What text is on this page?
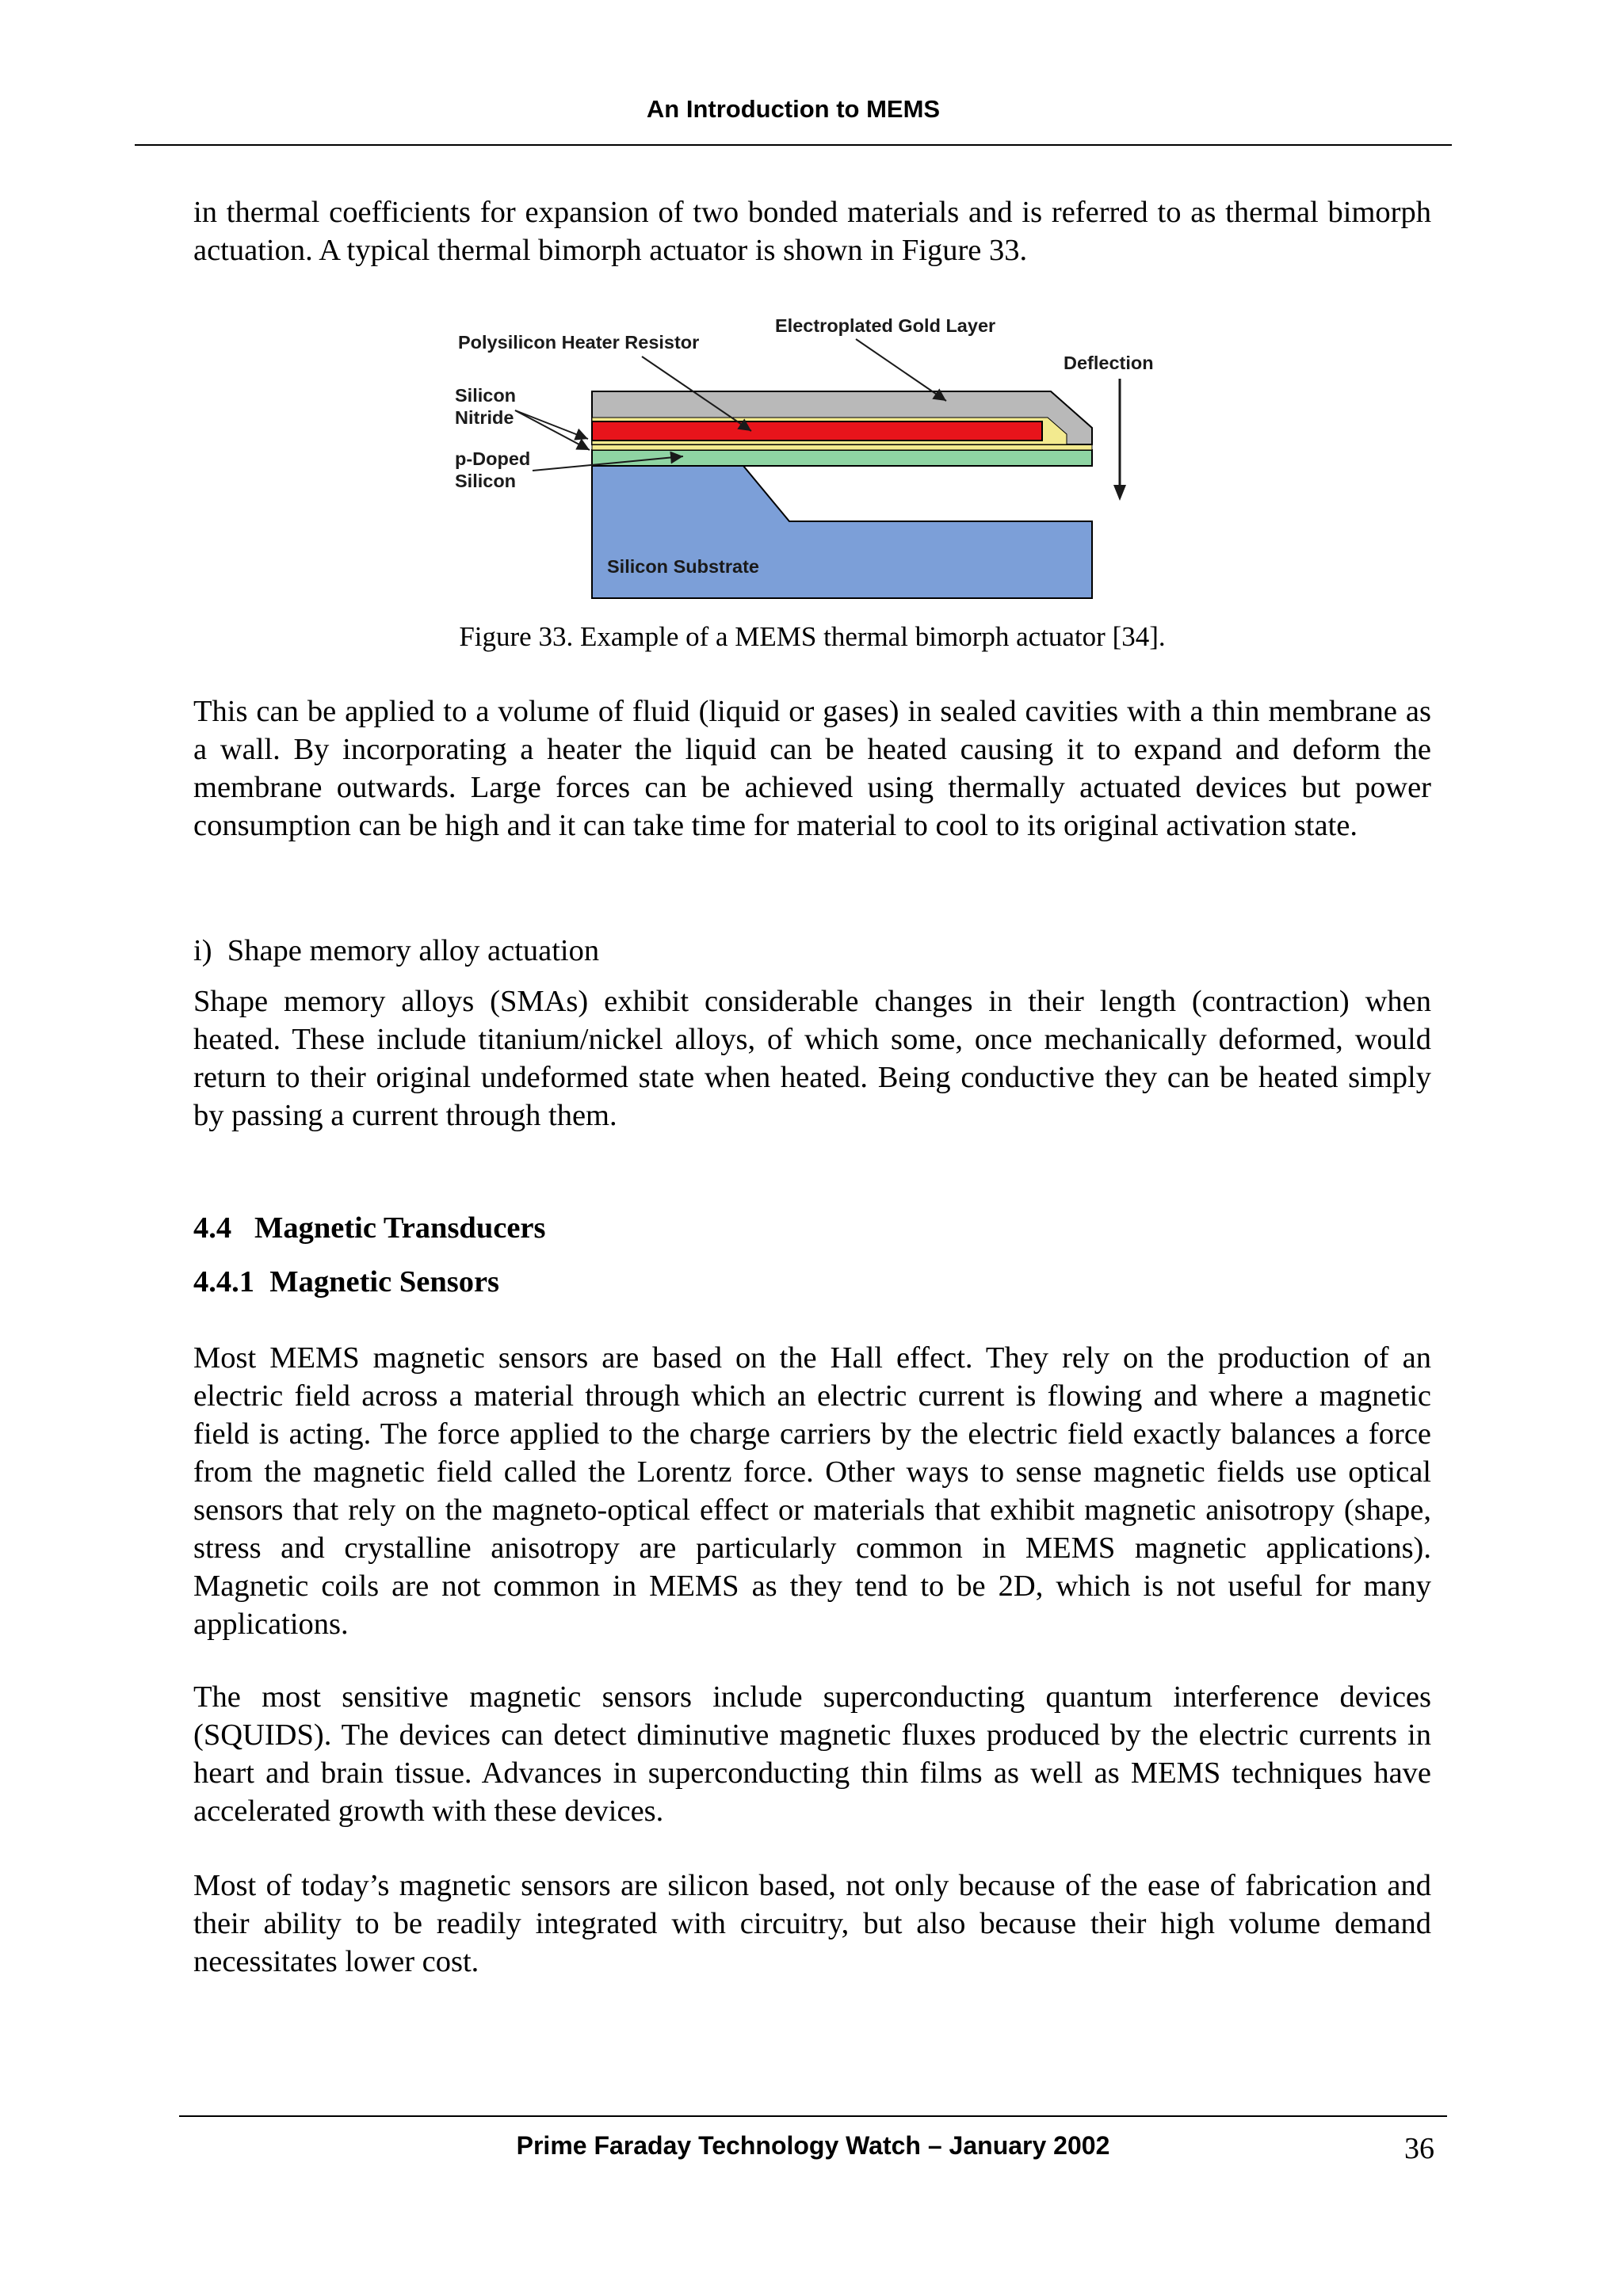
An Introduction to MEMS

in thermal coefficients for expansion of two bonded materials and is referred to as thermal bimorph actuation. A typical thermal bimorph actuator is shown in Figure 33.

Polysilicon Heater Resistor
Electroplated Gold Layer
Deflection
Silicon
Nitride
p-Doped
Silicon
Silicon Substrate
Figure 33. Example of a MEMS thermal bimorph actuator [34].

This can be applied to a volume of fluid (liquid or gases) in sealed cavities with a thin membrane as a wall. By incorporating a heater the liquid can be heated causing it to expand and deform the membrane outwards. Large forces can be achieved using thermally actuated devices but power consumption can be high and it can take time for material to cool to its original activation state.

i) Shape memory alloy actuation

Shape memory alloys (SMAs) exhibit considerable changes in their length (contraction) when heated. These include titanium/nickel alloys, of which some, once mechanically deformed, would return to their original undeformed state when heated. Being conductive they can be heated simply by passing a current through them.

4.4 Magnetic Transducers
4.4.1 Magnetic Sensors

Most MEMS magnetic sensors are based on the Hall effect. They rely on the production of an electric field across a material through which an electric current is flowing and where a magnetic field is acting. The force applied to the charge carriers by the electric field exactly balances a force from the magnetic field called the Lorentz force. Other ways to sense magnetic fields use optical sensors that rely on the magneto-optical effect or materials that exhibit magnetic anisotropy (shape, stress and crystalline anisotropy are particularly common in MEMS magnetic applications). Magnetic coils are not common in MEMS as they tend to be 2D, which is not useful for many applications.

The most sensitive magnetic sensors include superconducting quantum interference devices (SQUIDS). The devices can detect diminutive magnetic fluxes produced by the electric currents in heart and brain tissue. Advances in superconducting thin films as well as MEMS techniques have accelerated growth with these devices.

Most of today’s magnetic sensors are silicon based, not only because of the ease of fabrication and their ability to be readily integrated with circuitry, but also because their high volume demand necessitates lower cost.

Prime Faraday Technology Watch – January 2002	36
